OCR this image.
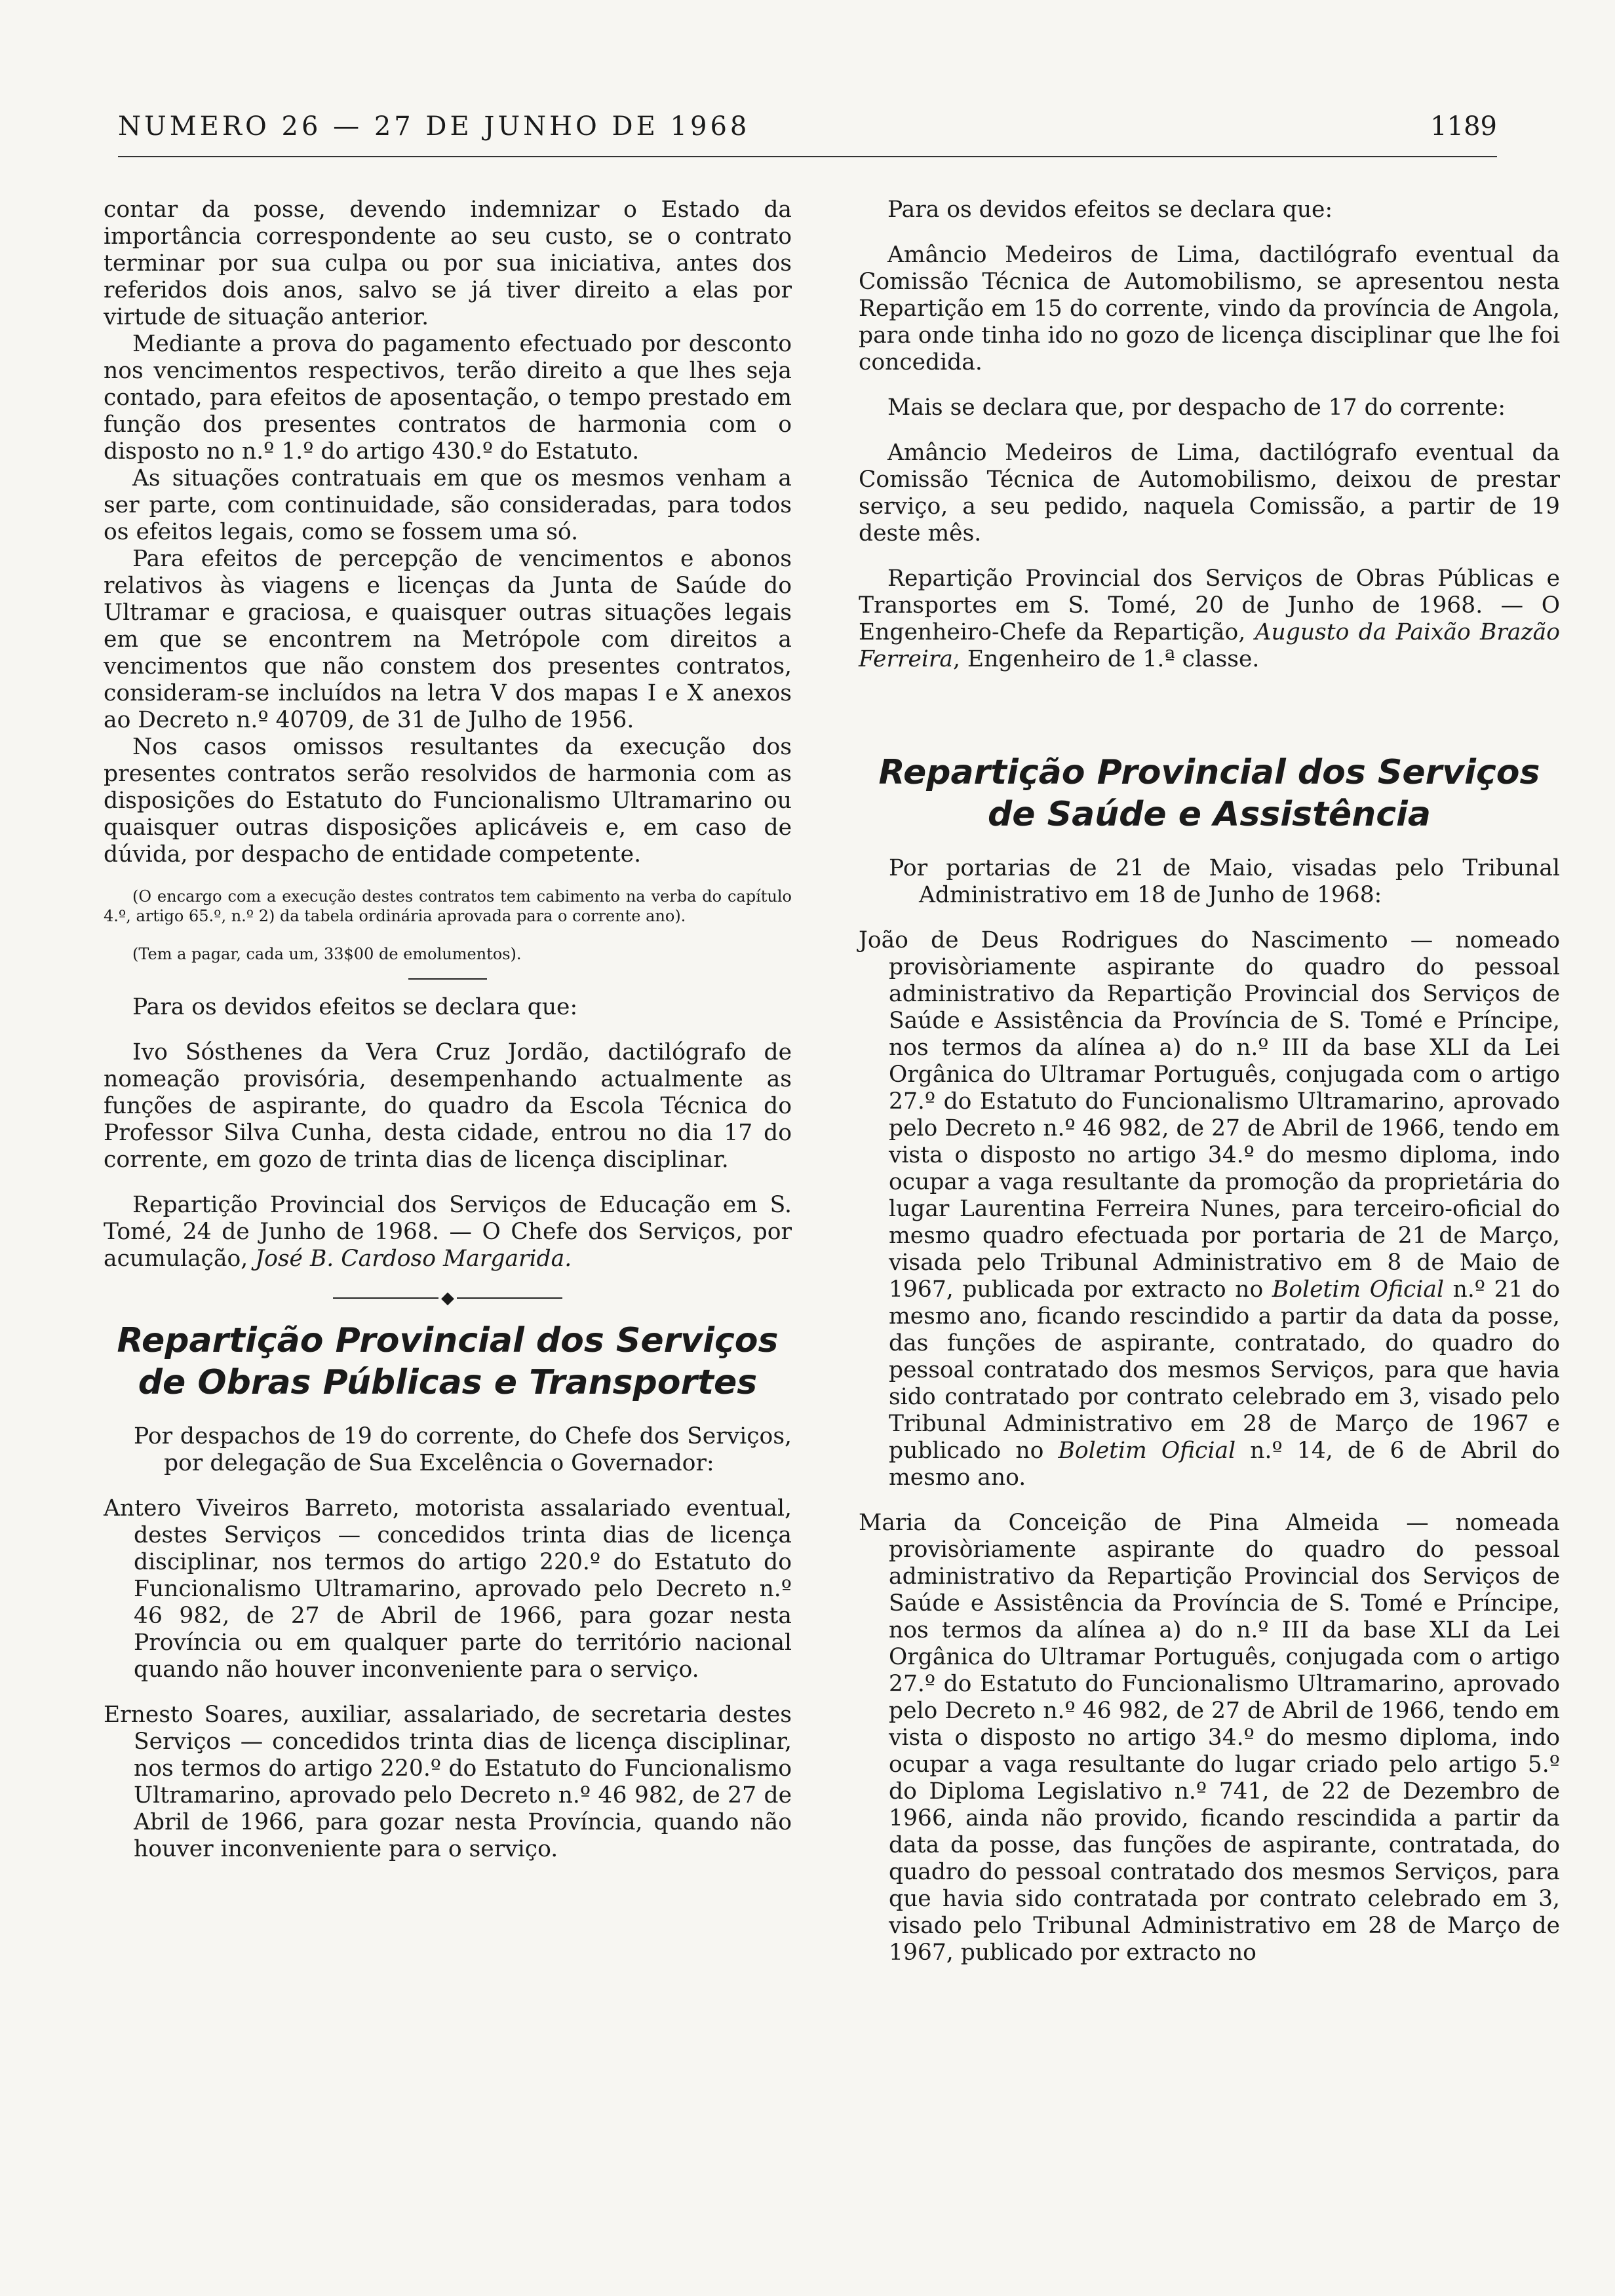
NUMERO 26 — 27 DE JUNHO DE 1968	1189

contar da posse, devendo indemnizar o Estado da importância correspondente ao seu custo, se o contrato terminar por sua culpa ou por sua iniciativa, antes dos referidos dois anos, salvo se já tiver direito a elas por virtude de situação anterior.

Mediante a prova do pagamento efectuado por desconto nos vencimentos respectivos, terão direito a que lhes seja contado, para efeitos de aposentação, o tempo prestado em função dos presentes contratos de harmonia com o disposto no n.º 1.º do artigo 430.º do Estatuto.

As situações contratuais em que os mesmos venham a ser parte, com continuidade, são consideradas, para todos os efeitos legais, como se fossem uma só.

Para efeitos de percepção de vencimentos e abonos relativos às viagens e licenças da Junta de Saúde do Ultramar e graciosa, e quaisquer outras situações legais em que se encontrem na Metrópole com direitos a vencimentos que não constem dos presentes contratos, consideram-se incluídos na letra V dos mapas I e X anexos ao Decreto n.º 40709, de 31 de Julho de 1956.

Nos casos omissos resultantes da execução dos presentes contratos serão resolvidos de harmonia com as disposições do Estatuto do Funcionalismo Ultramarino ou quaisquer outras disposições aplicáveis e, em caso de dúvida, por despacho de entidade competente.

(O encargo com a execução destes contratos tem cabimento na verba do capítulo 4.º, artigo 65.º, n.º 2) da tabela ordinária aprovada para o corrente ano).

(Tem a pagar, cada um, 33$00 de emolumentos).

Para os devidos efeitos se declara que:

Ivo Sósthenes da Vera Cruz Jordão, dactilógrafo de nomeação provisória, desempenhando actualmente as funções de aspirante, do quadro da Escola Técnica do Professor Silva Cunha, desta cidade, entrou no dia 17 do corrente, em gozo de trinta dias de licença disciplinar.

Repartição Provincial dos Serviços de Educação em S. Tomé, 24 de Junho de 1968. — O Chefe dos Serviços, por acumulação, José B. Cardoso Margarida.

◆
Repartição Provincial dos Serviços de Obras Públicas e Transportes

Por despachos de 19 do corrente, do Chefe dos Serviços, por delegação de Sua Excelência o Governador:

Antero Viveiros Barreto, motorista assalariado eventual, destes Serviços — concedidos trinta dias de licença disciplinar, nos termos do artigo 220.º do Estatuto do Funcionalismo Ultramarino, aprovado pelo Decreto n.º 46 982, de 27 de Abril de 1966, para gozar nesta Província ou em qualquer parte do território nacional quando não houver inconveniente para o serviço.

Ernesto Soares, auxiliar, assalariado, de secretaria destes Serviços — concedidos trinta dias de licença disciplinar, nos termos do artigo 220.º do Estatuto do Funcionalismo Ultramarino, aprovado pelo Decreto n.º 46 982, de 27 de Abril de 1966, para gozar nesta Província, quando não houver inconveniente para o serviço.

Para os devidos efeitos se declara que:

Amâncio Medeiros de Lima, dactilógrafo eventual da Comissão Técnica de Automobilismo, se apresentou nesta Repartição em 15 do corrente, vindo da província de Angola, para onde tinha ido no gozo de licença disciplinar que lhe foi concedida.

Mais se declara que, por despacho de 17 do corrente:

Amâncio Medeiros de Lima, dactilógrafo eventual da Comissão Técnica de Automobilismo, deixou de prestar serviço, a seu pedido, naquela Comissão, a partir de 19 deste mês.

Repartição Provincial dos Serviços de Obras Públicas e Transportes em S. Tomé, 20 de Junho de 1968. — O Engenheiro-Chefe da Repartição, Augusto da Paixão Brazão Ferreira, Engenheiro de 1.ª classe.

Repartição Provincial dos Serviços de Saúde e Assistência

Por portarias de 21 de Maio, visadas pelo Tribunal Administrativo em 18 de Junho de 1968:

João de Deus Rodrigues do Nascimento — nomeado provisòriamente aspirante do quadro do pessoal administrativo da Repartição Provincial dos Serviços de Saúde e Assistência da Província de S. Tomé e Príncipe, nos termos da alínea a) do n.º III da base XLI da Lei Orgânica do Ultramar Português, conjugada com o artigo 27.º do Estatuto do Funcionalismo Ultramarino, aprovado pelo Decreto n.º 46 982, de 27 de Abril de 1966, tendo em vista o disposto no artigo 34.º do mesmo diploma, indo ocupar a vaga resultante da promoção da proprietária do lugar Laurentina Ferreira Nunes, para terceiro-oficial do mesmo quadro efectuada por portaria de 21 de Março, visada pelo Tribunal Administrativo em 8 de Maio de 1967, publicada por extracto no Boletim Oficial n.º 21 do mesmo ano, ficando rescindido a partir da data da posse, das funções de aspirante, contratado, do quadro do pessoal contratado dos mesmos Serviços, para que havia sido contratado por contrato celebrado em 3, visado pelo Tribunal Administrativo em 28 de Março de 1967 e publicado no Boletim Oficial n.º 14, de 6 de Abril do mesmo ano.

Maria da Conceição de Pina Almeida — nomeada provisòriamente aspirante do quadro do pessoal administrativo da Repartição Provincial dos Serviços de Saúde e Assistência da Província de S. Tomé e Príncipe, nos termos da alínea a) do n.º III da base XLI da Lei Orgânica do Ultramar Português, conjugada com o artigo 27.º do Estatuto do Funcionalismo Ultramarino, aprovado pelo Decreto n.º 46 982, de 27 de Abril de 1966, tendo em vista o disposto no artigo 34.º do mesmo diploma, indo ocupar a vaga resultante do lugar criado pelo artigo 5.º do Diploma Legislativo n.º 741, de 22 de Dezembro de 1966, ainda não provido, ficando rescindida a partir da data da posse, das funções de aspirante, contratada, do quadro do pessoal contratado dos mesmos Serviços, para que havia sido contratada por contrato celebrado em 3, visado pelo Tribunal Administrativo em 28 de Março de 1967, publicado por extracto no
